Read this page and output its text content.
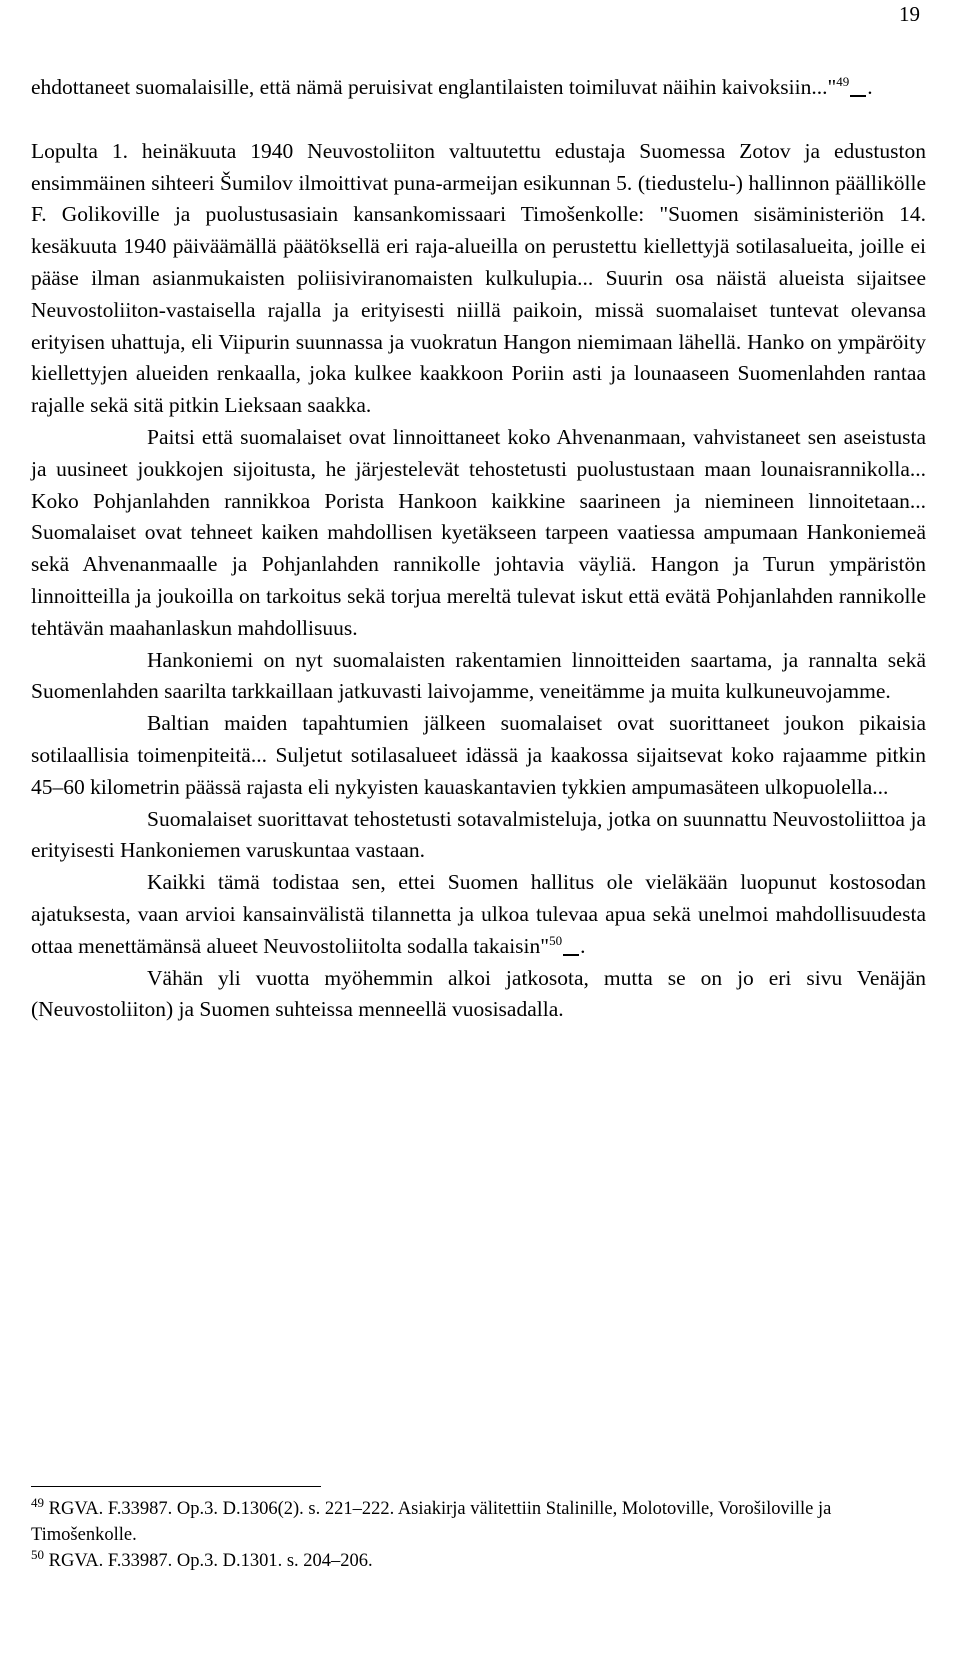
19

ehdottaneet suomalaisille, että nämä peruisivat englantilaisten toimiluvat näihin kaivoksiin..."$^{49}$ .

Lopulta 1. heinäkuuta 1940 Neuvostoliiton valtuutettu edustaja Suomessa Zotov ja edustuston ensimmäinen sihteeri Šumilov ilmoittivat puna-armeijan esikunnan 5. (tiedustelu-) hallinnon päällikölle F. Golikoville ja puolustusasiain kansankomissaari Timošenkolle: "Suomen sisäministeriön 14. kesäkuuta 1940 päiväämällä päätöksellä eri raja-alueilla on perustettu kiellettyjä sotilasalueita, joille ei pääse ilman asianmukaisten poliisiviranomaisten kulkulupia... Suurin osa näistä alueista sijaitsee Neuvostoliiton-vastaisella rajalla ja erityisesti niillä paikoin, missä suomalaiset tuntevat olevansa erityisen uhattuja, eli Viipurin suunnassa ja vuokratun Hangon niemimaan lähellä. Hanko on ympäröity kiellettyjen alueiden renkaalla, joka kulkee kaakkoon Poriin asti ja lounaaseen Suomenlahden rantaa rajalle sekä sitä pitkin Lieksaan saakka.

Paitsi että suomalaiset ovat linnoittaneet koko Ahvenanmaan, vahvistaneet sen aseistusta ja uusineet joukkojen sijoitusta, he järjestelevät tehostetusti puolustustaan maan lounaisrannikolla... Koko Pohjanlahden rannikkoa Porista Hankoon kaikkine saarineen ja niemineen linnoitetaan... Suomalaiset ovat tehneet kaiken mahdollisen kyetäkseen tarpeen vaatiessa ampumaan Hankoniemeä sekä Ahvenanmaalle ja Pohjanlahden rannikolle johtavia väyliä. Hangon ja Turun ympäristön linnoitteilla ja joukoilla on tarkoitus sekä torjua mereltä tulevat iskut että evätä Pohjanlahden rannikolle tehtävän maahanlaskun mahdollisuus.

Hankoniemi on nyt suomalaisten rakentamien linnoitteiden saartama, ja rannalta sekä Suomenlahden saarilta tarkkaillaan jatkuvasti laivojamme, veneitämme ja muita kulkuneuvojamme.

Baltian maiden tapahtumien jälkeen suomalaiset ovat suorittaneet joukon pikaisia sotilaallisia toimenpiteitä... Suljetut sotilasalueet idässä ja kaakossa sijaitsevat koko rajaamme pitkin 45–60 kilometrin päässä rajasta eli nykyisten kauaskantavien tykkien ampumasäteen ulkopuolella...

Suomalaiset suorittavat tehostetusti sotavalmisteluja, jotka on suunnattu Neuvostoliittoa ja erityisesti Hankoniemen varuskuntaa vastaan.

Kaikki tämä todistaa sen, ettei Suomen hallitus ole vieläkään luopunut kostosodan ajatuksesta, vaan arvioi kansainvälistä tilannetta ja ulkoa tulevaa apua sekä unelmoi mahdollisuudesta ottaa menettämänsä alueet Neuvostoliitolta sodalla takaisin"$^{50}$ .

Vähän yli vuotta myöhemmin alkoi jatkosota, mutta se on jo eri sivu Venäjän (Neuvostoliiton) ja Suomen suhteissa menneellä vuosisadalla.

$^{49}$ RGVA. F.33987. Op.3. D.1306(2). s. 221–222. Asiakirja välitettiin Stalinille, Molotoville, Vorošiloville ja Timošenkolle.

$^{50}$ RGVA. F.33987. Op.3. D.1301. s. 204–206.
